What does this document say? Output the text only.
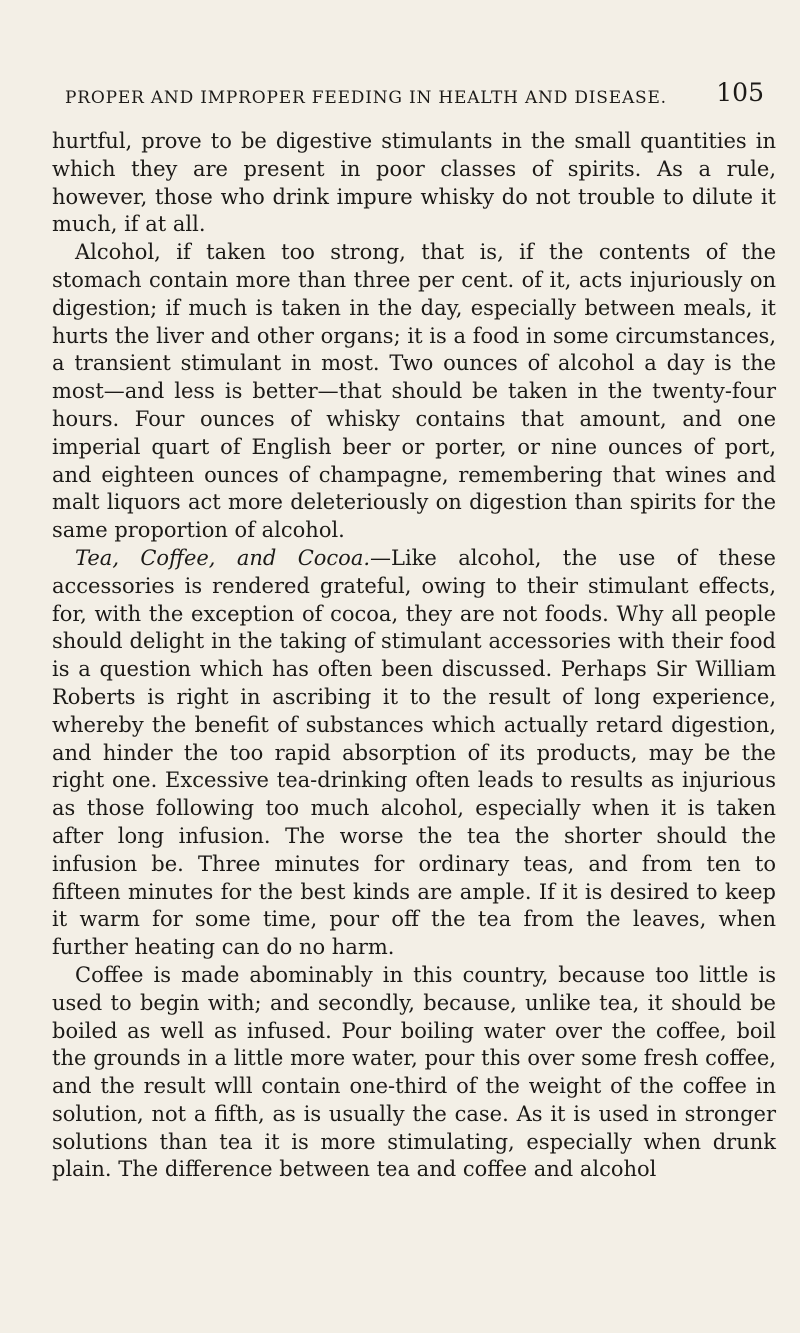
PROPER AND IMPROPER FEEDING IN HEALTH AND DISEASE. 105

hurtful, prove to be digestive stimulants in the small quantities in which they are present in poor classes of spirits. As a rule, however, those who drink impure whisky do not trouble to dilute it much, if at all.

Alcohol, if taken too strong, that is, if the contents of the stomach contain more than three per cent. of it, acts injuriously on digestion; if much is taken in the day, especially between meals, it hurts the liver and other organs; it is a food in some circumstances, a transient stimulant in most. Two ounces of alcohol a day is the most—and less is better—that should be taken in the twenty-four hours. Four ounces of whisky contains that amount, and one imperial quart of English beer or porter, or nine ounces of port, and eighteen ounces of champagne, remembering that wines and malt liquors act more deleteriously on digestion than spirits for the same proportion of alcohol.

Tea, Coffee, and Cocoa.—Like alcohol, the use of these accessories is rendered grateful, owing to their stimulant effects, for, with the exception of cocoa, they are not foods. Why all people should delight in the taking of stimulant accessories with their food is a question which has often been discussed. Perhaps Sir William Roberts is right in ascribing it to the result of long experience, whereby the benefit of substances which actually retard digestion, and hinder the too rapid absorption of its products, may be the right one. Excessive tea-drinking often leads to results as injurious as those following too much alcohol, especially when it is taken after long infusion. The worse the tea the shorter should the infusion be. Three minutes for ordinary teas, and from ten to fifteen minutes for the best kinds are ample. If it is desired to keep it warm for some time, pour off the tea from the leaves, when further heating can do no harm.

Coffee is made abominably in this country, because too little is used to begin with; and secondly, because, unlike tea, it should be boiled as well as infused. Pour boiling water over the coffee, boil the grounds in a little more water, pour this over some fresh coffee, and the result wlll contain one-third of the weight of the coffee in solution, not a fifth, as is usually the case. As it is used in stronger solutions than tea it is more stimulating, especially when drunk plain. The difference between tea and coffee and alcohol
